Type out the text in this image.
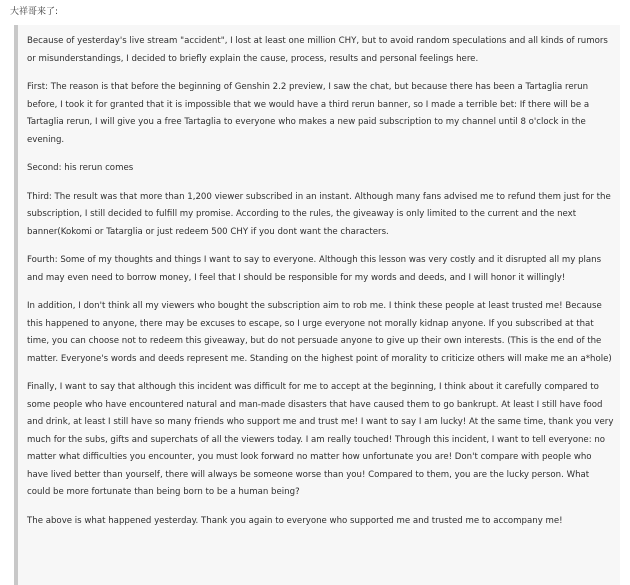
大祥哥来了:

Because of yesterday's live stream "accident", I lost at least one million CHY, but to avoid random speculations and all kinds of rumors or misunderstandings, I decided to briefly explain the cause, process, results and personal feelings here.

First: The reason is that before the beginning of Genshin 2.2 preview, I saw the chat, but because there has been a Tartaglia rerun before, I took it for granted that it is impossible that we would have a third rerun banner, so I made a terrible bet: If there will be a Tartaglia rerun, I will give you a free Tartaglia to everyone who makes a new paid subscription to my channel until 8 o'clock in the evening.

Second: his rerun comes

Third: The result was that more than 1,200 viewer subscribed in an instant. Although many fans advised me to refund them just for the subscription, I still decided to fulfill my promise. According to the rules, the giveaway is only limited to the current and the next banner(Kokomi or Tatarglia or just redeem 500 CHY if you dont want the characters.

Fourth: Some of my thoughts and things I want to say to everyone. Although this lesson was very costly and it disrupted all my plans and may even need to borrow money, I feel that I should be responsible for my words and deeds, and I will honor it willingly!

In addition, I don't think all my viewers who bought the subscription aim to rob me. I think these people at least trusted me! Because this happened to anyone, there may be excuses to escape, so I urge everyone not morally kidnap anyone. If you subscribed at that time, you can choose not to redeem this giveaway, but do not persuade anyone to give up their own interests. (This is the end of the matter. Everyone's words and deeds represent me. Standing on the highest point of morality to criticize others will make me an a*hole)

Finally, I want to say that although this incident was difficult for me to accept at the beginning, I think about it carefully compared to some people who have encountered natural and man-made disasters that have caused them to go bankrupt. At least I still have food and drink, at least I still have so many friends who support me and trust me! I want to say I am lucky! At the same time, thank you very much for the subs, gifts and superchats of all the viewers today. I am really touched! Through this incident, I want to tell everyone: no matter what difficulties you encounter, you must look forward no matter how unfortunate you are! Don't compare with people who have lived better than yourself, there will always be someone worse than you! Compared to them, you are the lucky person. What could be more fortunate than being born to be a human being?

The above is what happened yesterday. Thank you again to everyone who supported me and trusted me to accompany me!
